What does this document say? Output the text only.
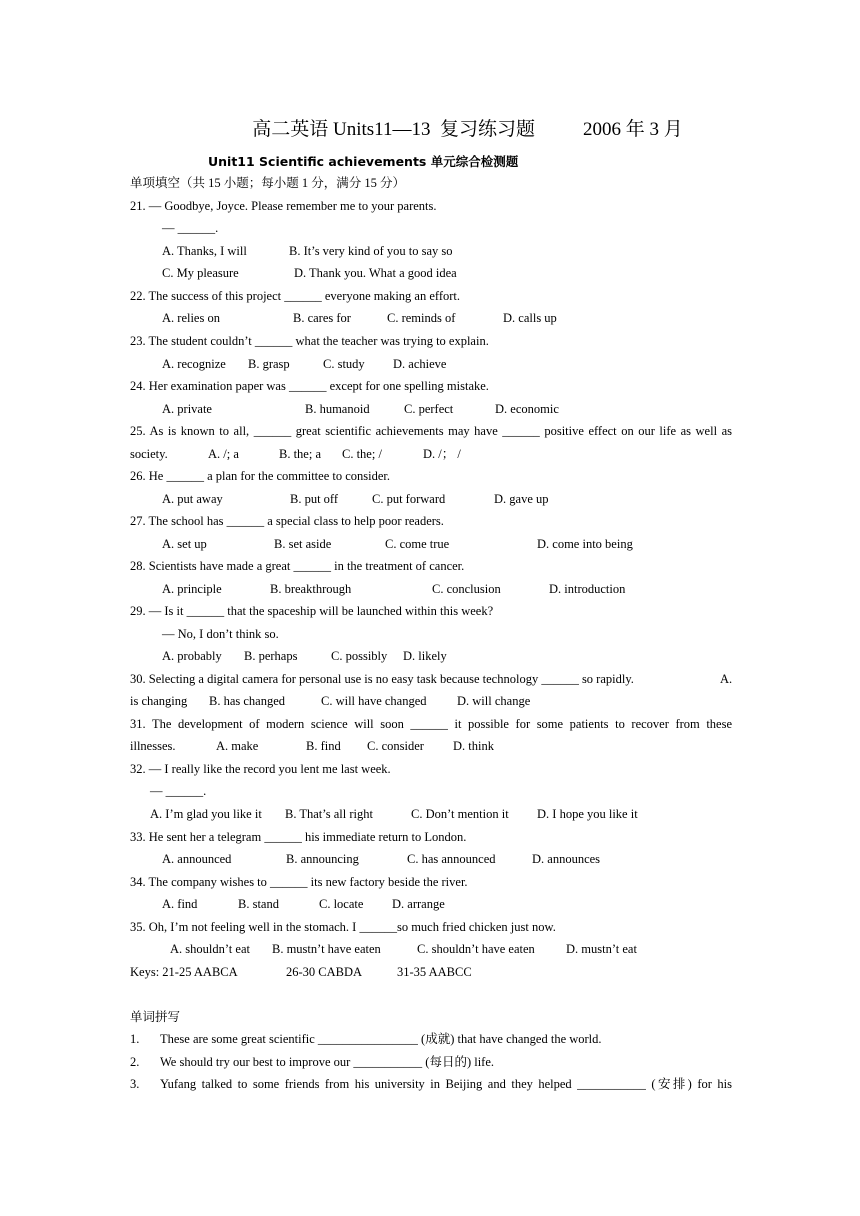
高二英语 Units11—13  复习练习题	2006 年 3 月
Unit11 Scientific achievements 单元综合检测题
单项填空（共 15 小题；每小题 1 分，满分 15 分）
21. — Goodbye, Joyce. Please remember me to your parents.
— ______.
A. Thanks, I will	B. It’s very kind of you to say so
C. My pleasure	D. Thank you. What a good idea
22. The success of this project ______ everyone making an effort.
A. relies on	B. cares for	C. reminds of	D. calls up
23. The student couldn’t ______ what the teacher was trying to explain.
A. recognize B. grasp	C. study D. achieve
24. Her examination paper was ______ except for one spelling mistake.
A. private	B. humanoid	C. perfect	D. economic
25. As is known to all, ______ great scientific achievements may have ______ positive effect on our life as well as
society.	A. /; a	B. the; a C. the; /	D. /； /
26. He ______ a plan for the committee to consider.
A. put away	B. put off	C. put forward	D. gave up
27. The school has ______ a special class to help poor readers.
A. set up	B. set aside	C. come true	D. come into being
28. Scientists have made a great ______ in the treatment of cancer.
A. principle	B. breakthrough	C. conclusion	D. introduction
29. — Is it ______ that the spaceship will be launched within this week?
— No, I don’t think so.
A. probably B. perhaps	C. possibly D. likely
30. Selecting a digital camera for personal use is no easy task because technology ______ so rapidly.	A.
is changing B. has changed	C. will have changed D. will change
31. The development of modern science will soon ______ it possible for some patients to recover from these
illnesses.	A. make	B. find C. consider D. think
32. — I really like the record you lent me last week.
— ______.
A. I’m glad you like it B. That’s all right	C. Don’t mention it D. I hope you like it
33. He sent her a telegram ______ his immediate return to London.
A. announced	B. announcing	C. has announced	D. announces
34. The company wishes to ______ its new factory beside the river.
A. find	B. stand	C. locate D. arrange
35. Oh, I’m not feeling well in the stomach. I ______so much fried chicken just now.
A. shouldn’t eat B. mustn’t have eaten	C. shouldn’t have eaten D. mustn’t eat
Keys: 21-25 AABCA	26-30 CABDA	31-35 AABCC
单词拼写
1. These are some great scientific ________________ (成就) that have changed the world.
2. We should try our best to improve our ___________ (每日的) life.
3. Yufang talked to some friends from his university in Beijing and they helped ___________ (安排) for his
